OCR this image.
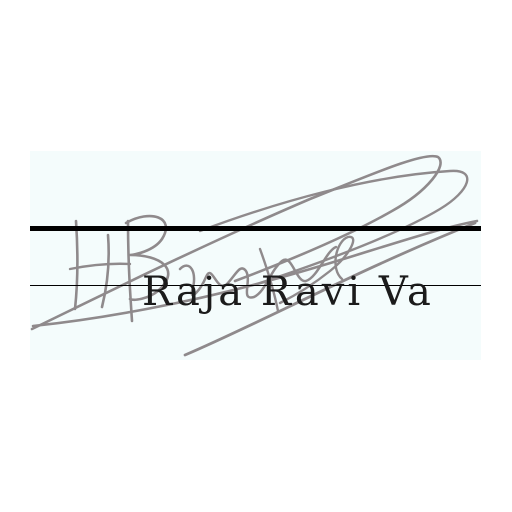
Raja Ravi Va
